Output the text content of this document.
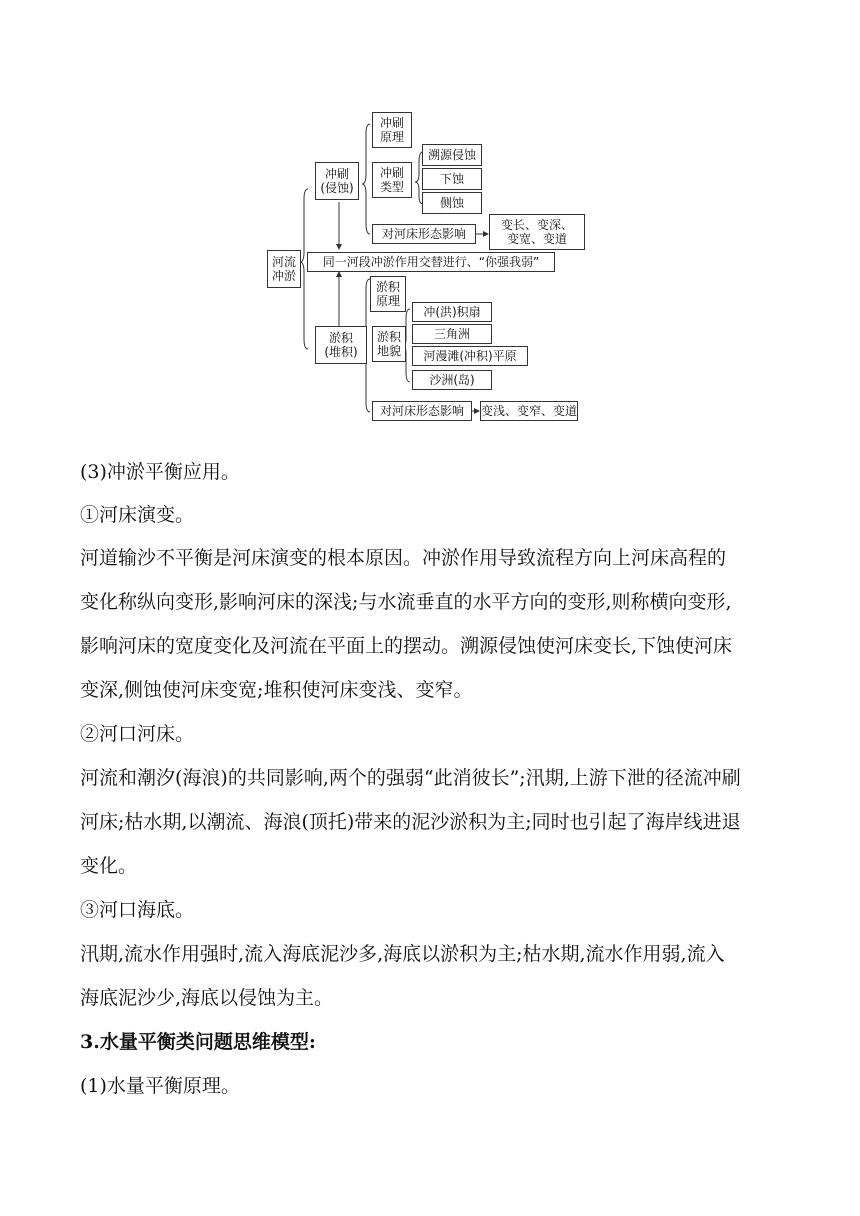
河流
冲淤
冲刷
(侵蚀)
冲刷
原理
冲刷
类型
溯源侵蚀
下蚀
侧蚀
对河床形态影响
变长、变深、
变宽、变道
同一河段冲淤作用交替进行、“你强我弱”
淤积
(堆积)
淤积
原理
淤积
地貌
冲(洪)积扇
三角洲
河漫滩(冲积)平原
沙洲(岛)
对河床形态影响	变浅、变窄、变道
(3)冲淤平衡应用。
①河床演变。
河道输沙不平衡是河床演变的根本原因。冲淤作用导致流程方向上河床高程的
变化称纵向变形,影响河床的深浅;与水流垂直的水平方向的变形,则称横向变形,
影响河床的宽度变化及河流在平面上的摆动。溯源侵蚀使河床变长,下蚀使河床
变深,侧蚀使河床变宽;堆积使河床变浅、变窄。
②河口河床。
河流和潮汐(海浪)的共同影响,两个的强弱“此消彼长”;汛期,上游下泄的径流冲刷
河床;枯水期,以潮流、海浪(顶托)带来的泥沙淤积为主;同时也引起了海岸线进退
变化。
③河口海底。
汛期,流水作用强时,流入海底泥沙多,海底以淤积为主;枯水期,流水作用弱,流入
海底泥沙少,海底以侵蚀为主。
3.水量平衡类问题思维模型:
(1)水量平衡原理。
